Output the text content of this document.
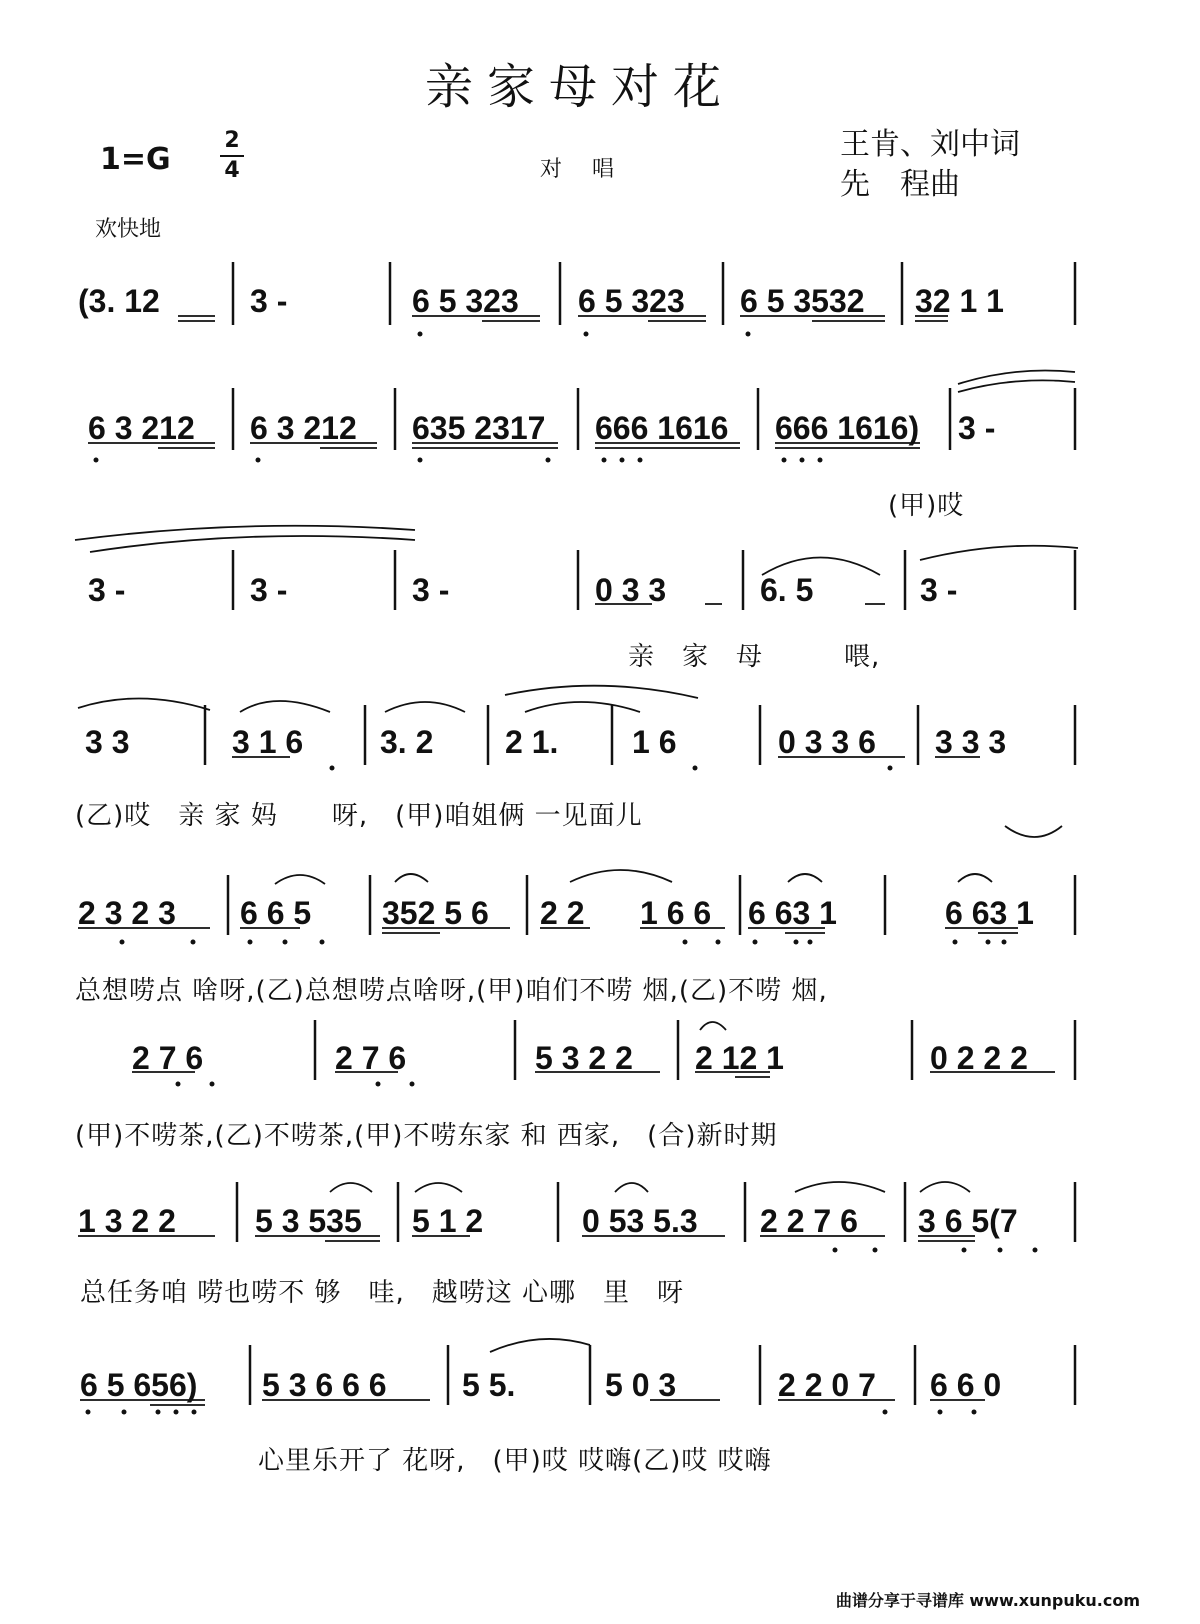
亲家母对花
1=G
2
4	对唱
王肯、刘中词
先　程曲
欢快地
(3. 12	3 -	6 5 323 6 5 323 6 5 3532 32 1 1
6 3 212 6 3 212 635 2317 666 1616 666 1616) 3 -
(甲)哎
3 -	3 -	3 -	0 3 3	6. 5	3 -
亲　家　母　　　喂,
3 3	3 1 6 3. 2 2 1. 1 6	0 3 3 6 3 3 3
(乙)哎　亲 家 妈　　呀,　(甲)咱姐俩 一见面儿
2 3 2 3 6 6 5 352 5 6 2 2 1 6 6 6 63 1	6 63 1
总想唠点 啥呀,(乙)总想唠点啥呀,(甲)咱们不唠 烟,(乙)不唠 烟,
2 7 6	2 7 6	5 3 2 2 2 12 1	0 2 2 2
(甲)不唠茶,(乙)不唠茶,(甲)不唠东家 和 西家,　(合)新时期
1 3 2 2 5 3 535 5 1 2	0 53 5.3 2 2 7 6 3 6 5(7
总任务咱 唠也唠不 够　哇,　越唠这 心哪　里　呀
6 5 656) 5 3 6 6 6 5 5.	5 0 3	2 2 0 7 6 6 0
心里乐开了 花呀,　(甲)哎 哎嗨(乙)哎 哎嗨
曲谱分享于寻谱库 www.xunpuku.com
